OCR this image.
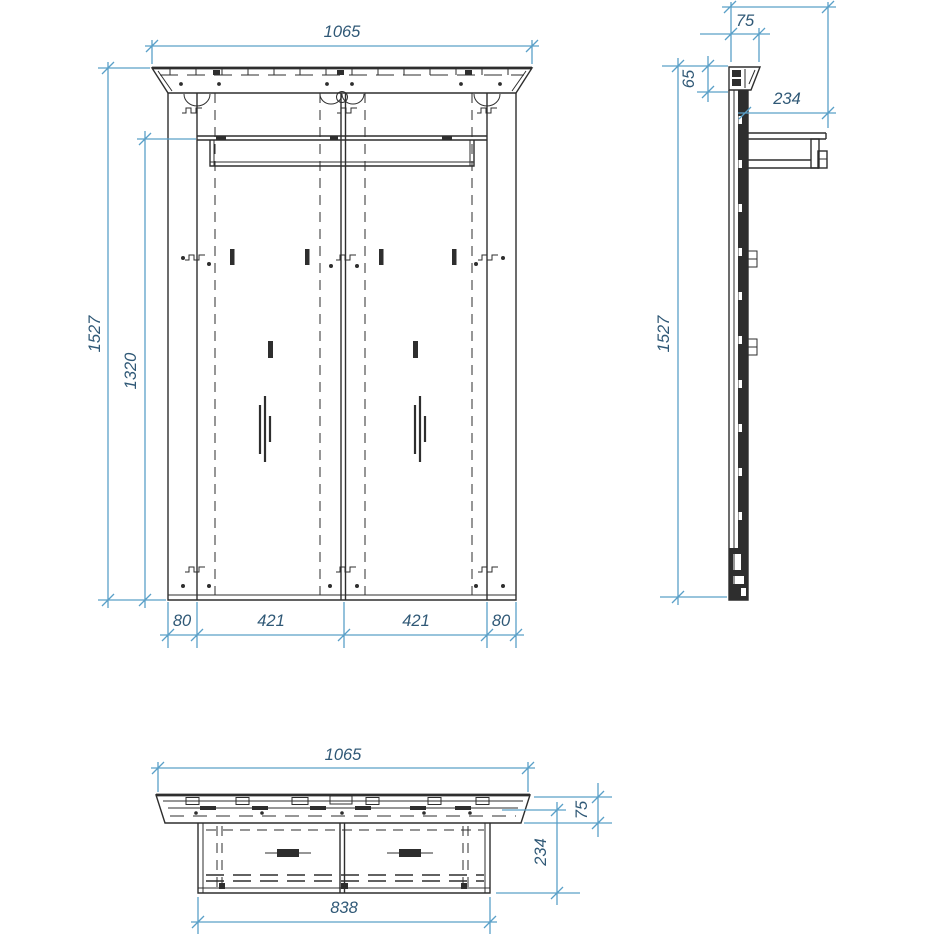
1065
1527
1320
80	421	421	80
75
65
234
1527
1065
75
234
838
